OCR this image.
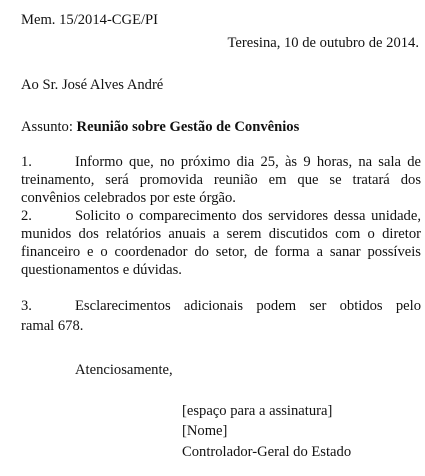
Mem. 15/2014-CGE/PI
Teresina, 10 de outubro de 2014.
Ao Sr. José Alves André
Assunto: Reunião sobre Gestão de Convênios
1.	Informo que, no próximo dia 25, às 9 horas, na sala de
treinamento, será promovida reunião em que se tratará dos
convênios celebrados por este órgão.
2.	Solicito o comparecimento dos servidores dessa unidade,
munidos dos relatórios anuais a serem discutidos com o diretor
financeiro e o coordenador do setor, de forma a sanar possíveis
questionamentos e dúvidas.
3.	Esclarecimentos adicionais podem ser obtidos pelo
ramal 678.
Atenciosamente,
[espaço para a assinatura]
[Nome]
Controlador-Geral do Estado
